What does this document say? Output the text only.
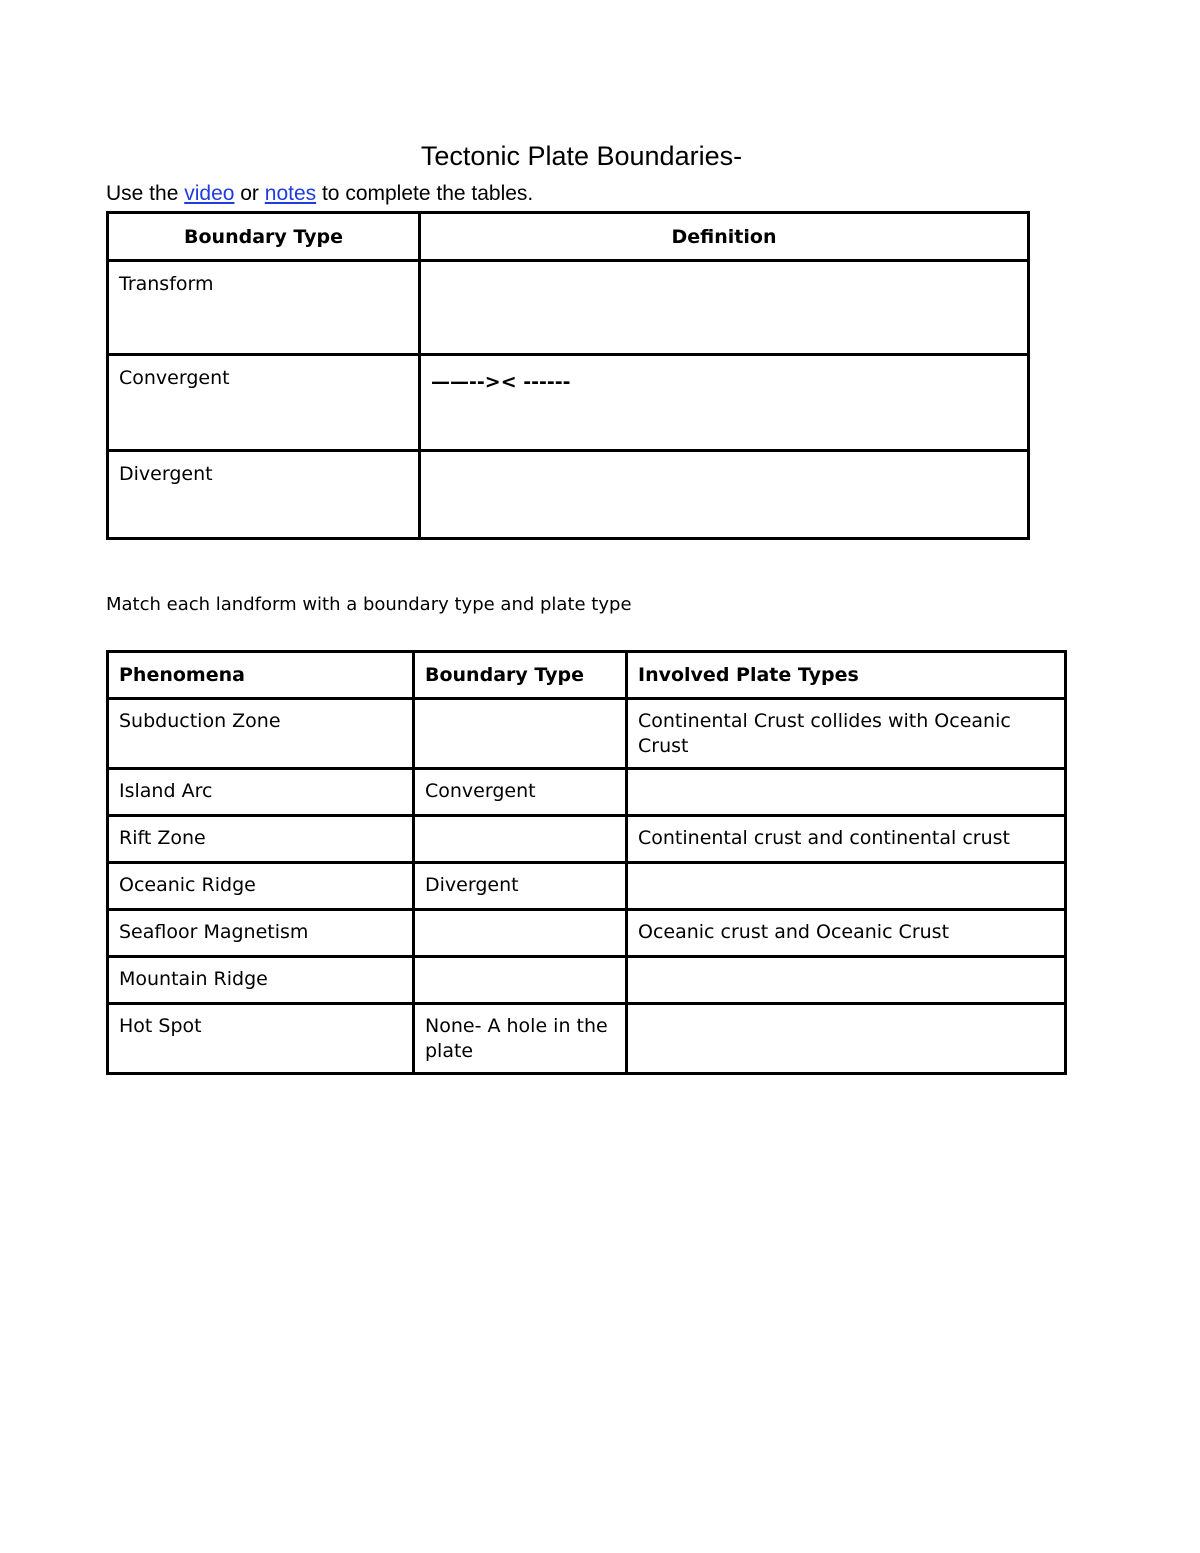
Tectonic Plate Boundaries-

Use the video or notes to complete the tables.

Boundary Type	Definition

Transform	

Convergent	——-->< ------

Divergent	

Match each landform with a boundary type and plate type

Phenomena	Boundary Type	Involved Plate Types

Subduction Zone		Continental Crust collides with Oceanic Crust

Island Arc	Convergent	

Rift Zone		Continental crust and continental crust

Oceanic Ridge	Divergent	

Seafloor Magnetism		Oceanic crust and Oceanic Crust

Mountain Ridge		

Hot Spot	None- A hole in the plate	
